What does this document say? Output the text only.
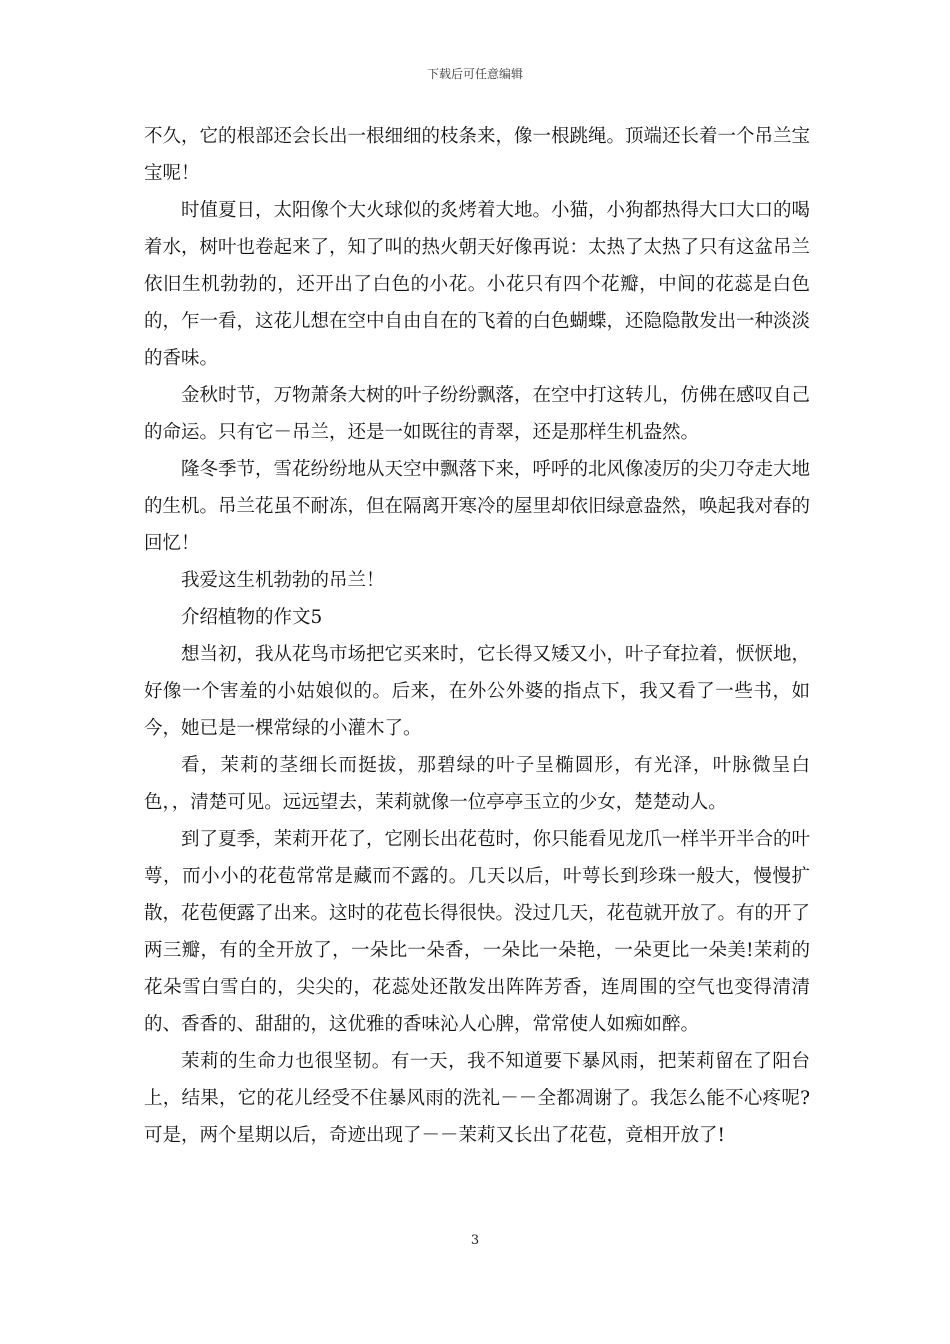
下载后可任意编辑

不久，它的根部还会长出一根细细的枝条来，像一根跳绳。顶端还长着一个吊兰宝宝呢！

时值夏日，太阳像个大火球似的炙烤着大地。小猫，小狗都热得大口大口的喝着水，树叶也卷起来了，知了叫的热火朝天好像再说：太热了太热了只有这盆吊兰依旧生机勃勃的，还开出了白色的小花。小花只有四个花瓣，中间的花蕊是白色的，乍一看，这花儿想在空中自由自在的飞着的白色蝴蝶，还隐隐散发出一种淡淡的香味。

金秋时节，万物萧条大树的叶子纷纷飘落，在空中打这转儿，仿佛在感叹自己的命运。只有它－吊兰，还是一如既往的青翠，还是那样生机盎然。

隆冬季节，雪花纷纷地从天空中飘落下来，呼呼的北风像凌厉的尖刀夺走大地的生机。吊兰花虽不耐冻，但在隔离开寒冷的屋里却依旧绿意盎然，唤起我对春的回忆！

我爱这生机勃勃的吊兰！

介绍植物的作文5

想当初，我从花鸟市场把它买来时，它长得又矮又小，叶子耷拉着，恹恹地，好像一个害羞的小姑娘似的。后来，在外公外婆的指点下，我又看了一些书，如今，她已是一棵常绿的小灌木了。

看，茉莉的茎细长而挺拔，那碧绿的叶子呈椭圆形，有光泽，叶脉微呈白色，，清楚可见。远远望去，茉莉就像一位亭亭玉立的少女，楚楚动人。

到了夏季，茉莉开花了，它刚长出花苞时，你只能看见龙爪一样半开半合的叶萼，而小小的花苞常常是藏而不露的。几天以后，叶萼长到珍珠一般大，慢慢扩散，花苞便露了出来。这时的花苞长得很快。没过几天，花苞就开放了。有的开了两三瓣，有的全开放了，一朵比一朵香，一朵比一朵艳，一朵更比一朵美!茉莉的花朵雪白雪白的，尖尖的，花蕊处还散发出阵阵芳香，连周围的空气也变得清清的、香香的、甜甜的，这优雅的香味沁人心脾，常常使人如痴如醉。

茉莉的生命力也很坚韧。有一天，我不知道要下暴风雨，把茉莉留在了阳台上，结果，它的花儿经受不住暴风雨的洗礼－－全都凋谢了。我怎么能不心疼呢?可是，两个星期以后，奇迹出现了－－茉莉又长出了花苞，竟相开放了!

3
